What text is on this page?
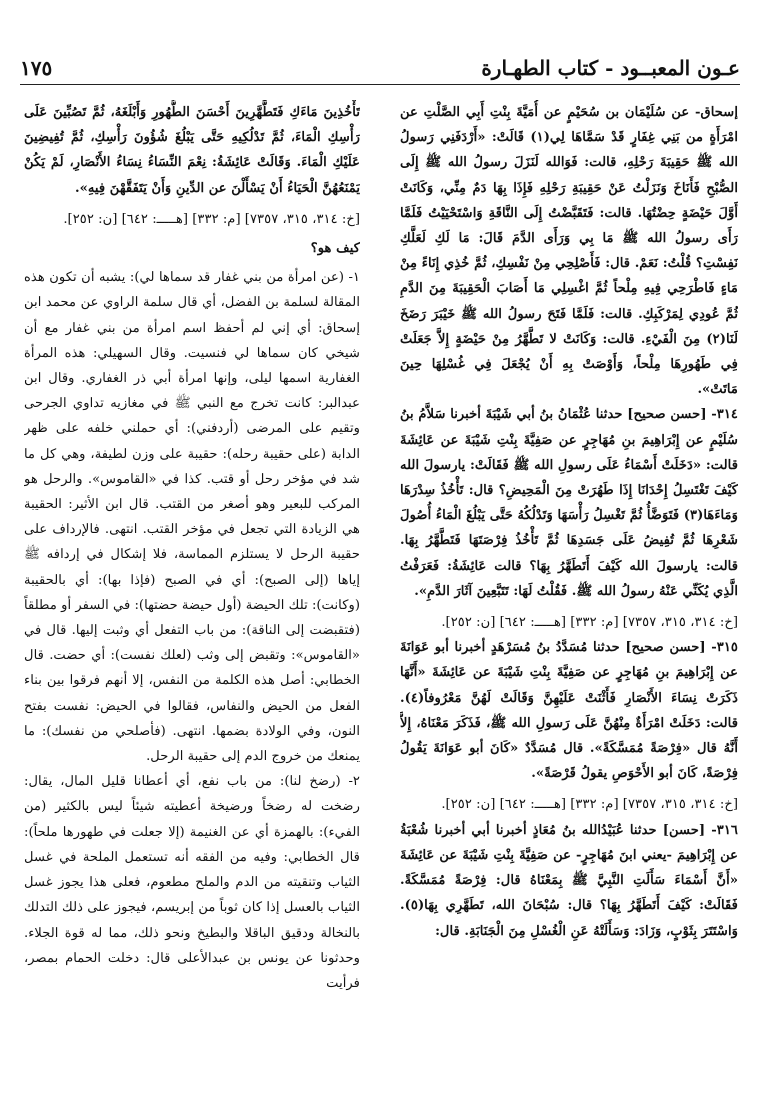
١٧٥	عـون المعبــود - كتاب الطهـارة

إسحاق- عن سُلَيْمَان بن سُحَيْمٍ عن أُمَيَّةَ بِنْتِ أَبِي الصَّلْتِ عن امْرَأَةٍ من بَنِي غِفَارٍ قَدْ سَمَّاهَا لِي(١) قَالَتْ: «أَرْدَفَنِي رَسولُ الله ﷺ حَقِيبَةَ رَحْلِهِ، قالت: فَوَالله لَنَزَلَ رسولُ الله ﷺ إِلَى الصُّبْحِ فَأَنَاخَ وَنَزَلْتُ عَنْ حَقِيبَةِ رَحْلِهِ فَإِذَا بِهَا دَمٌ مِنِّي، وَكَانَتْ أَوَّلَ حَيْضَةٍ حِضْتُهَا. قالت: فَتَقَبَّضْتُ إِلَى النَّاقَةِ وَاسْتَحْيَيْتُ فَلَمَّا رَأَى رسولُ الله ﷺ مَا بِي وَرَأَى الدَّمَ قَالَ: مَا لَكِ لَعَلَّكِ نَفِسْتِ؟ قُلْتُ: نَعَمْ. قال: فَأَصْلِحِي مِنْ نَفْسِكِ، ثُمَّ خُذِي إِنَاءً مِنْ مَاءٍ فَاطْرَحِي فِيهِ مِلْحاً ثُمَّ اغْسِلِي مَا أَصَابَ الْحَقِيبَةَ مِنَ الدَّمِ ثُمَّ عُودِي لِمَرْكَبِكِ. قالت: فَلَمَّا فَتَحَ رسولُ الله ﷺ خَيْبَرَ رَضَخَ لَنَا(٢) مِنَ الْفَيْءِ. قالت: وَكَانَتْ لا تَطَّهَّرُ مِنْ حَيْضَةٍ إِلاَّ جَعَلَتْ فِي طَهُورِهَا مِلْحاً، وَأَوْصَتْ بِهِ أَنْ يُجْعَلَ فِي غُسْلِهَا حِينَ مَاتَتْ».

٣١٤- [حسن صحيح] حدثنا عُثْمَانُ بنُ أبي شَيْبَةَ أخبرنا سَلاَّمُ بنُ سُلَيْمٍ عن إِبْرَاهِيمَ بنِ مُهَاجِرٍ عن صَفِيَّةَ بِنْتِ شَيْبَةَ عن عَائِشَةَ قالت: «دَخَلَتْ أَسْمَاءُ عَلَى رسولِ الله ﷺ فَقَالَتْ: يارسولَ الله كَيْفَ تَغْتَسِلُ إِحْدَانَا إِذَا طَهُرَتْ مِنَ الْمَحِيضِ؟ قال: تَأْخُذُ سِدْرَهَا وَمَاءَهَا(٣) فَتَوَضَّأُ ثُمَّ تَغْسِلُ رَأْسَهَا وَتَدْلُكُهُ حَتَّى يَبْلُغَ الْمَاءُ أُصُولَ شَعْرِهَا ثُمَّ تُفِيضُ عَلَى جَسَدِهَا ثُمَّ تَأْخُذُ فِرْصَتَهَا فَتَطَّهَّرُ بِهَا. قالت: يارسولَ الله كَيْفَ أَتَطَهَّرُ بِهَا؟ قالت عَائِشَةُ: فَعَرَفْتُ الَّذِي يُكَنِّي عَنْهُ رسولُ الله ﷺ. فَقُلْتُ لَهَا: تَتَبَّعِينَ آثَارَ الدَّمِ».

[خ: ٣١٤، ٣١٥، ٧٣٥٧] [م: ٣٣٢] [هـــــ: ٦٤٢] [ن: ٢٥٢].

٣١٥- [حسن صحيح] حدثنا مُسَدَّدُ بنُ مُسَرْهَدٍ أخبرنا أبو عَوَانَةَ عن إِبْرَاهِيمَ بنِ مُهَاجِرٍ عن صَفِيَّةَ بِنْتِ شَيْبَةَ عن عَائِشَةَ «أَنَّهَا ذَكَرَتْ نِسَاءَ الأَنْصَارِ فَأَثْنَتْ عَلَيْهِنَّ وَقَالَتْ لَهُنَّ مَعْرُوفاً(٤). قالت: دَخَلَتْ امْرَأَةٌ مِنْهُنَّ عَلَى رَسولِ الله ﷺ، فَذَكَرَ مَعْنَاهُ، إِلاَّ أَنَّهُ قال «فِرْصَةً مُمَسَّكَةً». قال مُسَدَّدٌ «كَانَ أبو عَوَانَةَ يَقُولُ فِرْصَةً، كَانَ أبو الأَحْوَصِ يقولُ قَرْصَةً».

[خ: ٣١٤، ٣١٥، ٧٣٥٧] [م: ٣٣٢] [هـــــ: ٦٤٢] [ن: ٢٥٢].

٣١٦- [حسن] حدثنا عُبَيْدُالله بنُ مُعَاذٍ أخبرنا أبي أخبرنا شُعْبَةُ عن إِبْرَاهِيمَ -يعني ابنَ مُهَاجِرٍ- عن صَفِيَّةَ بِنْتِ شَيْبَةَ عن عَائِشَةَ «أَنَّ أَسْمَاءَ سَأَلَتِ النَّبِيَّ ﷺ بِمَعْنَاهُ قال: فِرْصَةً مُمَسَّكَةً. فَقَالَتْ: كَيْفَ أَتَطَهَّرُ بِهَا؟ قال: سُبْحَانَ الله، تَطَهَّرِي بِهَا(٥). وَاسْتَتَرَ بِثَوْبٍ، وَزَادَ: وَسَأَلَتْهُ عَنِ الْغُسْلِ مِنَ الْجَنَابَةِ. قال:

تَأْخُذِينَ مَاءَكِ فَتَطَّهَّرِينَ أَحْسَنَ الطُّهُورِ وَأَبْلَغَهُ، ثُمَّ تَصُبِّينَ عَلَى رَأْسِكِ الْمَاءَ، ثُمَّ تَدْلُكِيهِ حَتَّى يَبْلُغَ شُؤُونَ رَأْسِكِ، ثُمَّ تُفِيضِينَ عَلَيْكِ الْمَاءَ. وَقَالَتْ عَائِشَةُ: نِعْمَ النِّسَاءُ نِسَاءُ الأَنْصَارِ، لَمْ يَكُنْ يَمْنَعُهُنَّ الْحَيَاءُ أَنْ يَسْأَلْنَ عن الدِّينِ وَأَنْ يَتَفَقَّهْنَ فِيهِ».

[خ: ٣١٤، ٣١٥، ٧٣٥٧] [م: ٣٣٢] [هـــــ: ٦٤٢] [ن: ٢٥٢].

كيف هو؟

١- (عن امرأة من بني غفار قد سماها لي): يشبه أن تكون هذه المقالة لسلمة بن الفضل، أي قال سلمة الراوي عن محمد ابن إسحاق: أي إني لم أحفظ اسم امرأة من بني غفار مع أن شيخي كان سماها لي فنسيت. وقال السهيلي: هذه المرأة الغفارية اسمها ليلى، وإنها امرأة أبي ذر الغفاري. وقال ابن عبدالبر: كانت تخرج مع النبي ﷺ في مغازيه تداوي الجرحى وتقيم على المرضى (أردفني): أي حملني خلفه على ظهر الدابة (على حقيبة رحله): حقيبة على وزن لطيفة، وهي كل ما شد في مؤخر رحل أو قتب. كذا في «القاموس». والرحل هو المركب للبعير وهو أصغر من القتب. قال ابن الأثير: الحقيبة هي الزيادة التي تجعل في مؤخر القتب. انتهى. فالإرداف على حقيبة الرحل لا يستلزم المماسة، فلا إشكال في إردافه ﷺ إياها (إلى الصبح): أي في الصبح (فإذا بها): أي بالحقيبة (وكانت): تلك الحيضة (أول حيضة حضتها): في السفر أو مطلقاً (فتقبضت إلى الناقة): من باب التفعل أي وثبت إليها. قال في «القاموس»: وتقبض إلى وثب (لعلك نفست): أي حضت. قال الخطابي: أصل هذه الكلمة من النفس، إلا أنهم فرقوا بين بناء الفعل من الحيض والنفاس، فقالوا في الحيض: نفست بفتح النون، وفي الولادة بضمها. انتهى. (فأصلحي من نفسك): ما يمنعك من خروج الدم إلى حقيبة الرحل.

٢- (رضخ لنا): من باب نفع، أي أعطانا قليل المال، يقال: رضخت له رضخاً ورضيخة أعطيته شيئاً ليس بالكثير (من الفيء): بالهمزة أي عن الغنيمة (إلا جعلت في طهورها ملحاً): قال الخطابي: وفيه من الفقه أنه تستعمل الملحة في غسل الثياب وتنقيته من الدم والملح مطعوم، فعلى هذا يجوز غسل الثياب بالعسل إذا كان ثوباً من إبريسم، فيجوز على ذلك التدلك بالنخالة ودقيق الباقلا والبطيخ ونحو ذلك، مما له قوة الجلاء. وحدثونا عن يونس بن عبدالأعلى قال: دخلت الحمام بمصر، فرأيت
